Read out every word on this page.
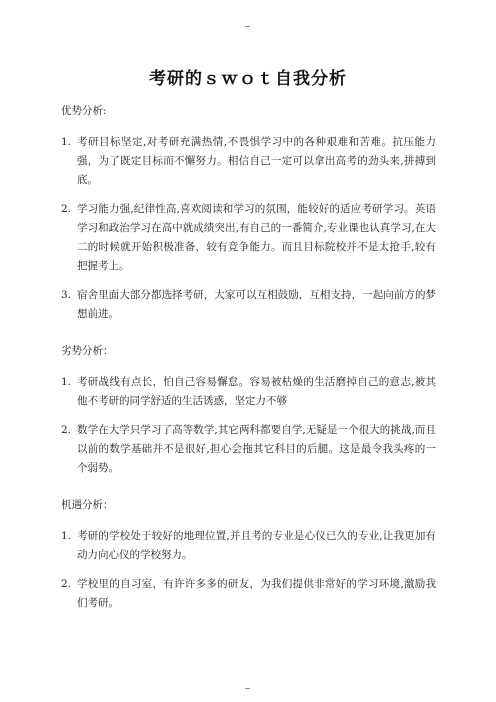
‒
考研的ｓｗｏｔ自我分析
优势分析:
1. 考研目标坚定,对考研充满热情,不畏惧学习中的各种艰难和苦难。抗压能力强，为了既定目标而不懈努力。相信自己一定可以拿出高考的劲头来,拼搏到底。
2. 学习能力强,纪律性高,喜欢阅读和学习的氛围，能较好的适应考研学习。英语学习和政治学习在高中就成绩突出,有自己的一番简介,专业课也认真学习,在大二的时候就开始积极准备，较有竞争能力。而且目标院校并不是太抢手,较有把握考上。
3. 宿舍里面大部分都选择考研，大家可以互相鼓励，互相支持，一起向前方的梦想前进。
劣势分析：
1. 考研战线有点长，怕自己容易懈怠。容易被枯燥的生活磨掉自己的意志,被其他不考研的同学舒适的生活诱惑，坚定力不够
2. 数学在大学只学习了高等数学,其它两科都要自学,无疑是一个很大的挑战,而且以前的数学基础并不是很好,担心会拖其它科目的后腿。这是最令我头疼的一个弱势。
机遇分析：
1. 考研的学校处于较好的地理位置,并且考的专业是心仪已久的专业,让我更加有动力向心仪的学校努力。
2. 学校里的自习室，有许许多多的研友，为我们提供非常好的学习环境,激励我们考研。
‒
